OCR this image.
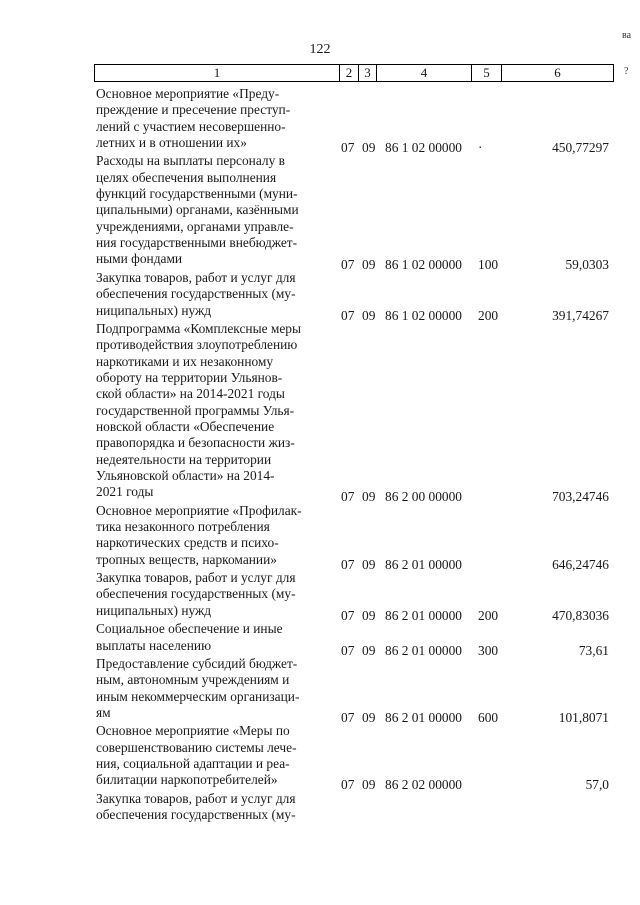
122
ва
?
1	2 3	4	5	6
Основное мероприятие «Преду-
преждение и пресечение преступ-
лений с участием несовершенно-
летних и в отношении их»	07 09 86 1 02 00000 ·	450,77297
Расходы на выплаты персоналу в
целях обеспечения выполнения
функций государственными (муни-
ципальными) органами, казёнными
учреждениями, органами управле-
ния государственными внебюджет-
ными фондами	07 09 86 1 02 00000 100	59,0303
Закупка товаров, работ и услуг для
обеспечения государственных (му-
ниципальных) нужд	07 09 86 1 02 00000 200	391,74267
Подпрограмма «Комплексные меры
противодействия злоупотреблению
наркотиками и их незаконному
обороту на территории Ульянов-
ской области» на 2014-2021 годы
государственной программы Улья-
новской области «Обеспечение
правопорядка и безопасности жиз-
недеятельности на территории
Ульяновской области» на 2014-
2021 годы	07 09 86 2 00 00000	703,24746
Основное мероприятие «Профилак-
тика незаконного потребления
наркотических средств и психо-
тропных веществ, наркомании»	07 09 86 2 01 00000	646,24746
Закупка товаров, работ и услуг для
обеспечения государственных (му-
ниципальных) нужд	07 09 86 2 01 00000 200	470,83036
Социальное обеспечение и иные
выплаты населению	07 09 86 2 01 00000 300	73,61
Предоставление субсидий бюджет-
ным, автономным учреждениям и
иным некоммерческим организаци-
ям	07 09 86 2 01 00000 600	101,8071
Основное мероприятие «Меры по
совершенствованию системы лече-
ния, социальной адаптации и реа-
билитации наркопотребителей»	07 09 86 2 02 00000	57,0
Закупка товаров, работ и услуг для
обеспечения государственных (му-
